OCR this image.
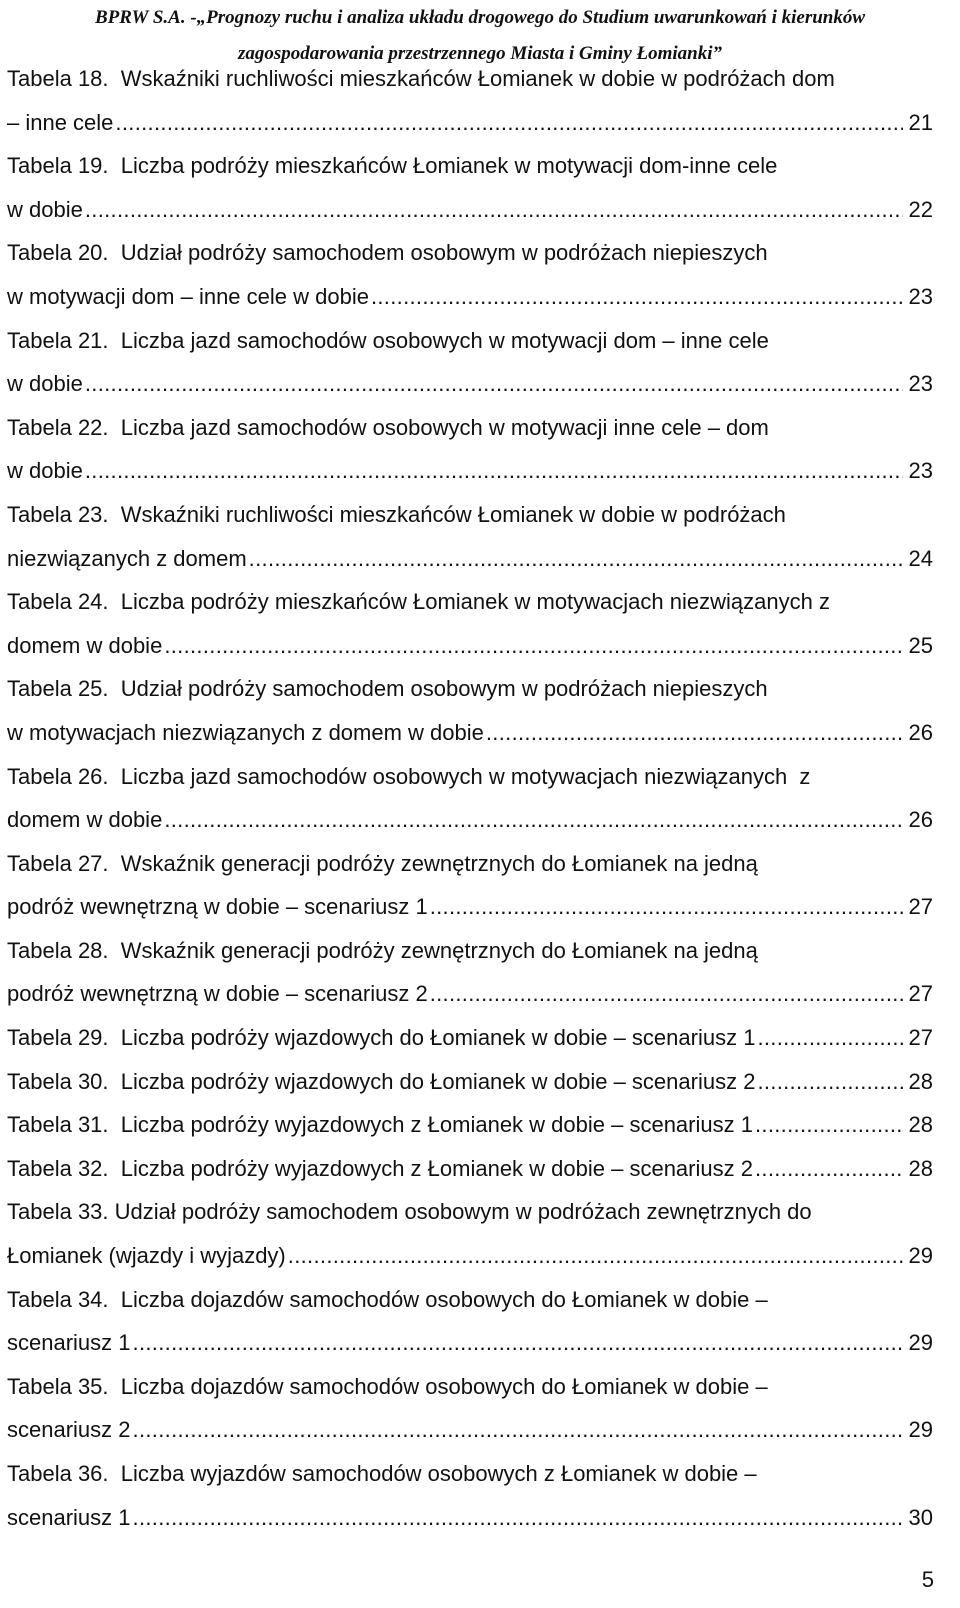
BPRW S.A. -„Prognozy ruchu i analiza układu drogowego do Studium uwarunkowań i kierunków
zagospodarowania przestrzennego Miasta i Gminy Łomianki”
Tabela 18.  Wskaźniki ruchliwości mieszkańców Łomianek w dobie w podróżach dom
– inne cele . . .	21
Tabela 19.  Liczba podróży mieszkańców Łomianek w motywacji dom-inne cele
w dobie . . .	22
Tabela 20.  Udział podróży samochodem osobowym w podróżach niepieszych
w motywacji dom – inne cele w dobie . . .	23
Tabela 21.  Liczba jazd samochodów osobowych w motywacji dom – inne cele
w dobie . . .	23
Tabela 22.  Liczba jazd samochodów osobowych w motywacji inne cele – dom
w dobie . . .	23
Tabela 23.  Wskaźniki ruchliwości mieszkańców Łomianek w dobie w podróżach
niezwiązanych z domem . . .	24
Tabela 24.  Liczba podróży mieszkańców Łomianek w motywacjach niezwiązanych z
domem w dobie . . .	25
Tabela 25.  Udział podróży samochodem osobowym w podróżach niepieszych
w motywacjach niezwiązanych z domem w dobie . . .	26
Tabela 26.  Liczba jazd samochodów osobowych w motywacjach niezwiązanych  z
domem w dobie . . .	26
Tabela 27.  Wskaźnik generacji podróży zewnętrznych do Łomianek na jedną
podróż wewnętrzną w dobie – scenariusz 1 . . .	27
Tabela 28.  Wskaźnik generacji podróży zewnętrznych do Łomianek na jedną
podróż wewnętrzną w dobie – scenariusz 2 . . .	27
Tabela 29.  Liczba podróży wjazdowych do Łomianek w dobie – scenariusz 1 . . .	27
Tabela 30.  Liczba podróży wjazdowych do Łomianek w dobie – scenariusz 2 . . .	28
Tabela 31.  Liczba podróży wyjazdowych z Łomianek w dobie – scenariusz 1 . . .	28
Tabela 32.  Liczba podróży wyjazdowych z Łomianek w dobie – scenariusz 2 . . .	28
Tabela 33. Udział podróży samochodem osobowym w podróżach zewnętrznych do
Łomianek (wjazdy i wyjazdy) . . .	29
Tabela 34.  Liczba dojazdów samochodów osobowych do Łomianek w dobie –
scenariusz 1 . . .	29
Tabela 35.  Liczba dojazdów samochodów osobowych do Łomianek w dobie –
scenariusz 2 . . .	29
Tabela 36.  Liczba wyjazdów samochodów osobowych z Łomianek w dobie –
scenariusz 1 . . .	30
5
